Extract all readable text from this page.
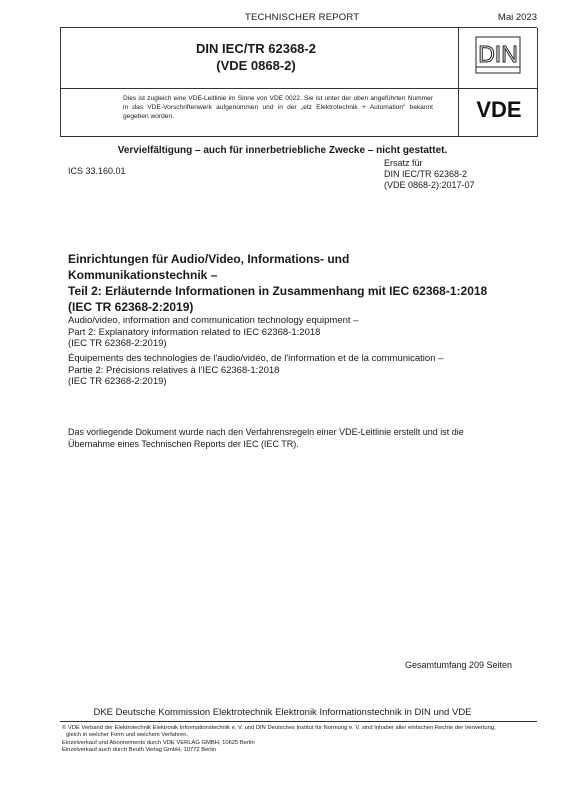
TECHNISCHER REPORT	Mai 2023
DIN IEC/TR 62368-2
(VDE 0868-2)	DIN
Dies ist zugleich eine VDE-Leitlinie im Sinne von VDE 0022. Sie ist unter der oben angeführten Nummer in das VDE-Vorschriftenwerk aufgenommen und in der „etz Elektrotechnik + Automation“ bekannt gegeben worden.	VDE
Vervielfältigung – auch für innerbetriebliche Zwecke – nicht gestattet.
ICS 33.160.01
Ersatz für
DIN IEC/TR 62368-2
(VDE 0868-2):2017-07
Einrichtungen für Audio/Video, Informations- und
Kommunikationstechnik –
Teil 2: Erläuternde Informationen in Zusammenhang mit IEC 62368-1:2018
(IEC TR 62368-2:2019)
Audio/video, information and communication technology equipment –
Part 2: Explanatory information related to IEC 62368-1:2018
(IEC TR 62368-2:2019)
Équipements des technologies de l'audio/vidéo, de l'information et de la communication –
Partie 2: Précisions relatives à l'IEC 62368-1:2018
(IEC TR 62368-2:2019)
Das vorliegende Dokument wurde nach den Verfahrensregeln einer VDE-Leitlinie erstellt und ist die Übernahme eines Technischen Reports der IEC (IEC TR).
Gesamtumfang 209 Seiten
DKE Deutsche Kommission Elektrotechnik Elektronik Informationstechnik in DIN und VDE
© VDE Verband der Elektrotechnik Elektronik Informationstechnik e. V. und DIN Deutsches Institut für Normung e. V. sind Inhaber aller einfachen Rechte der Verwertung,
gleich in welcher Form und welchem Verfahren.
Einzelverkauf und Abonnements durch VDE VERLAG GMBH, 10625 Berlin
Einzelverkauf auch durch Beuth Verlag GmbH, 10772 Berlin
